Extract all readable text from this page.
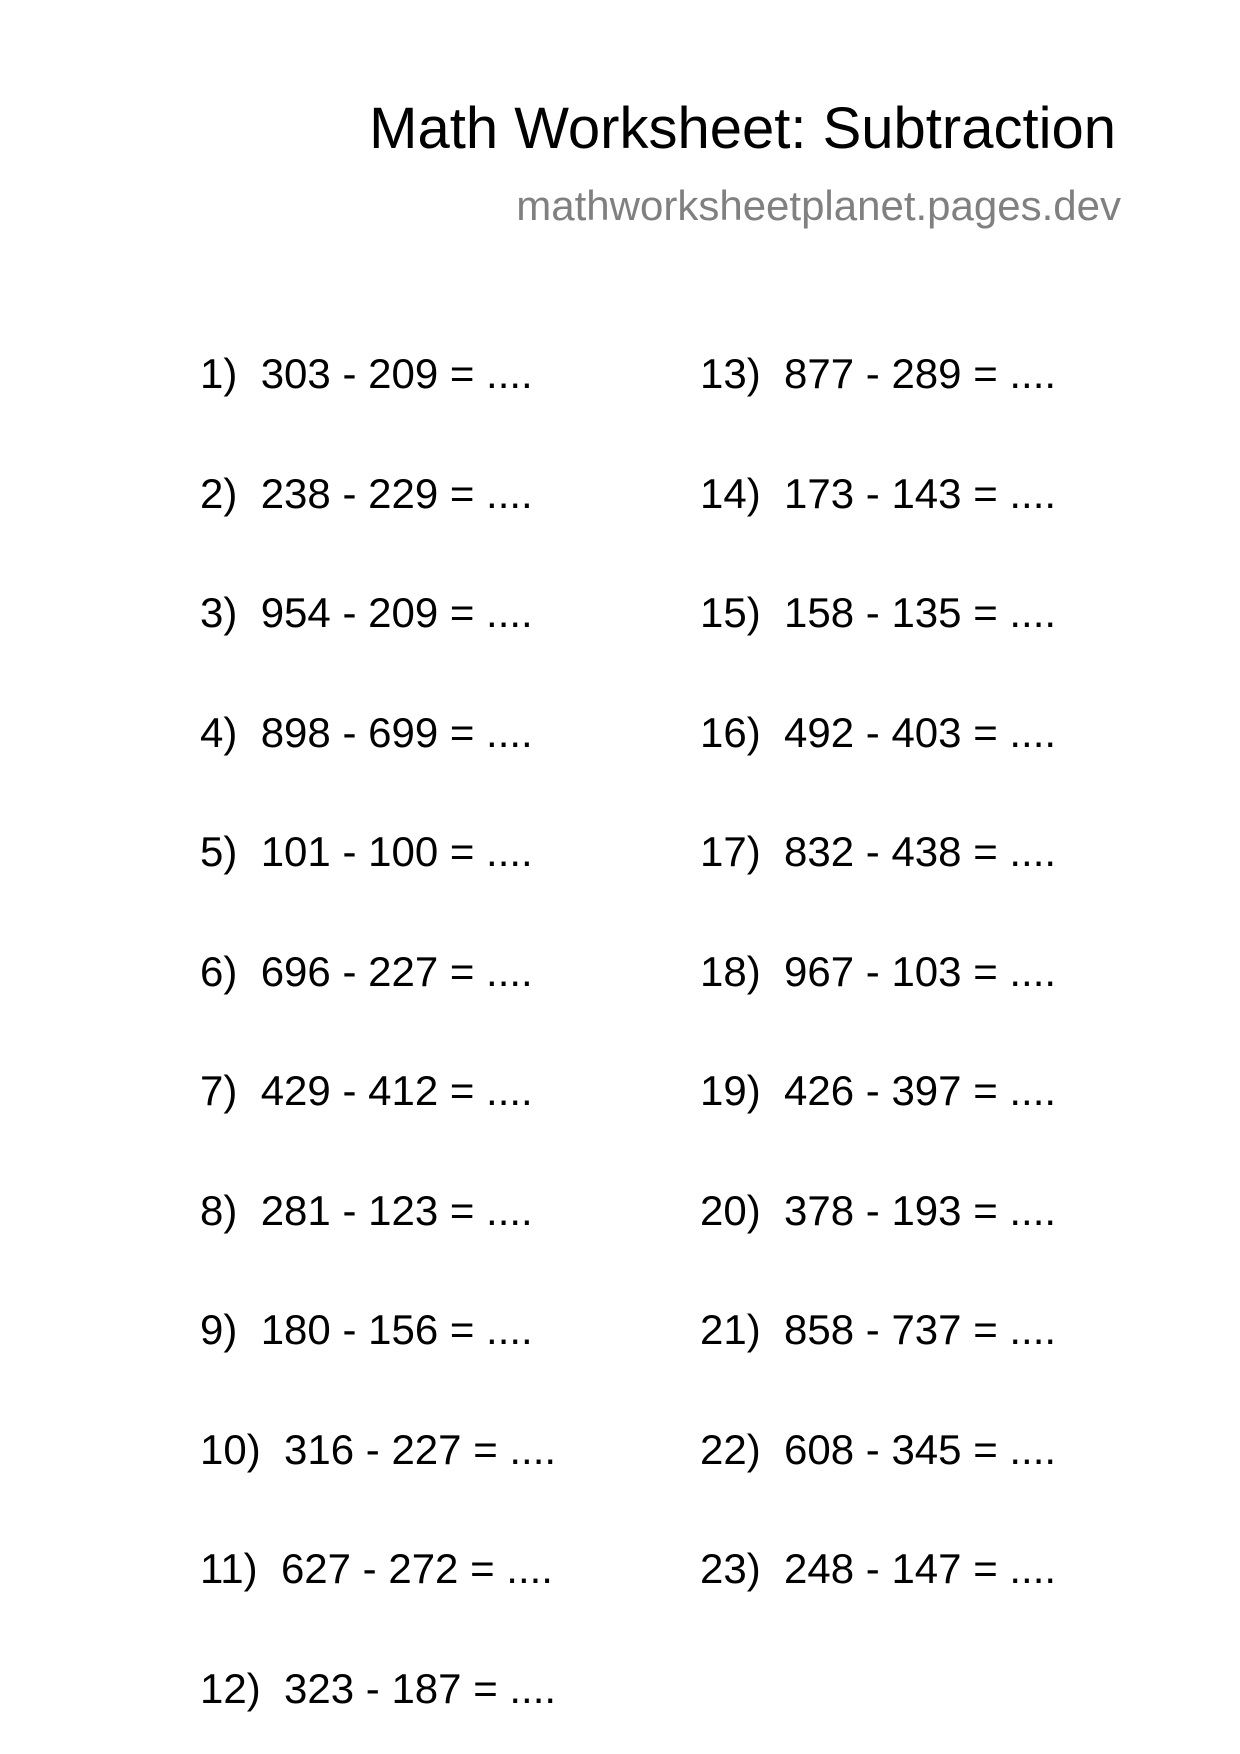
Math Worksheet: Subtraction
mathworksheetplanet.pages.dev
1) 303 - 209 = ....
2) 238 - 229 = ....
3) 954 - 209 = ....
4) 898 - 699 = ....
5) 101 - 100 = ....
6) 696 - 227 = ....
7) 429 - 412 = ....
8) 281 - 123 = ....
9) 180 - 156 = ....
10) 316 - 227 = ....
11) 627 - 272 = ....
12) 323 - 187 = ....
13) 877 - 289 = ....
14) 173 - 143 = ....
15) 158 - 135 = ....
16) 492 - 403 = ....
17) 832 - 438 = ....
18) 967 - 103 = ....
19) 426 - 397 = ....
20) 378 - 193 = ....
21) 858 - 737 = ....
22) 608 - 345 = ....
23) 248 - 147 = ....
